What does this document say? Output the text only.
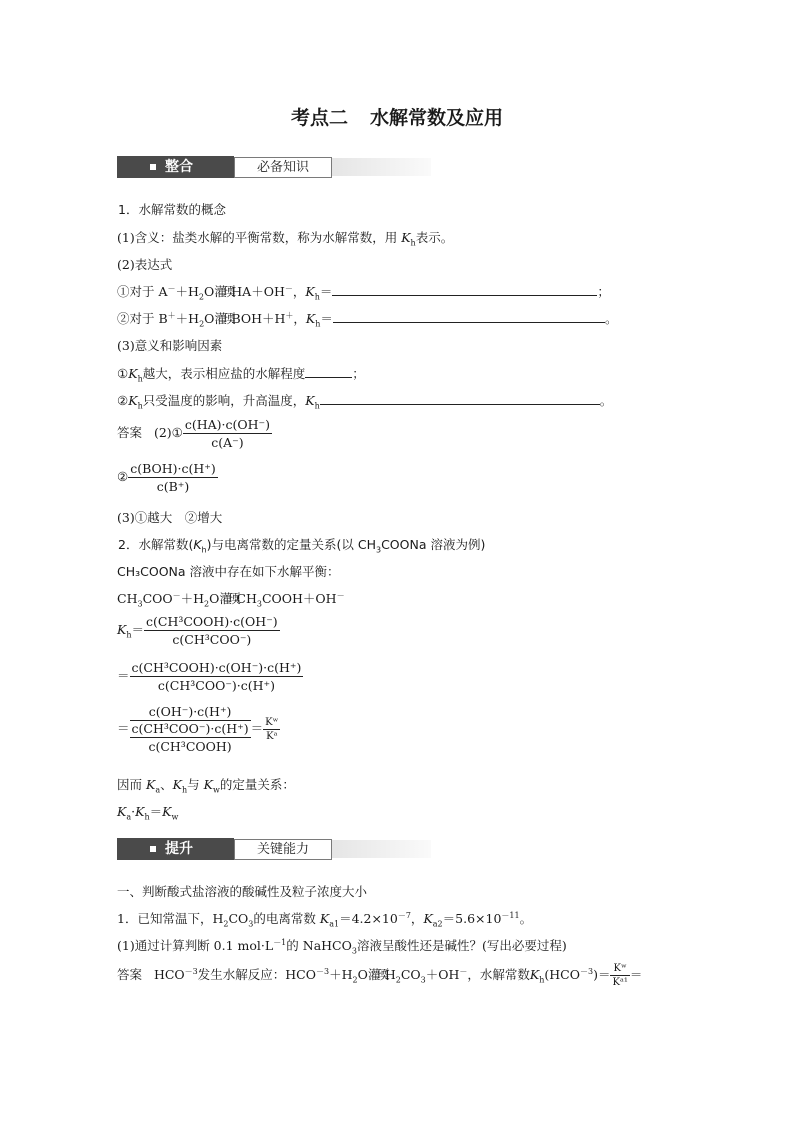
考点二 水解常数及应用
整合	必备知识
1．水解常数的概念
(1)含义：盐类水解的平衡常数，称为水解常数，用 $K_h$表示。
(2)表达式
①对于 $A^-+H_2O$灌瑌HA＋OH－，$K_h=$	；
②对于 $B^++H_2O$灌瑌BOH＋H＋，$K_h=$	。
(3)意义和影响因素
$①K_h$越大，表示相应盐的水解程度	；
$②K_h$只受温度的影响，升高温度，$K_h$	。
答案 (2)① $\frac{c(HA)\cdot c(OH^-)}{c(A^-)}$
② $\frac{\text{c(BOH)·c(H⁺)}}{c(B^+)}$
(3)①越大　②增大
2．水解常数$(K_h)$与电离常数的定量关系(以 $CH_3COONa$ 溶液为例)
CH₃COONa 溶液中存在如下水解平衡：
$CH_3COO^-+H_2O$灌瑌$CH_3COOH+OH^-$
$K_h= \frac{\text{c(CH³COOH)·c(OH⁻)}}{\text{c(CH³COO⁻)}}$
＝ $\frac{\text{c(CH³COOH)·c(OH⁻)·c(H⁺)}}{\text{c(CH³COO⁻)·c(H⁺)}}$
＝ c(OH⁻)·c(H⁺)
c(CH³COO⁻)·c(H⁺)
c(CH³COOH) ＝ $\frac{\text{Kʷ}}{\text{Kᵃ}}$
因而 $K_a$、$K_h$与 $K_w$的定量关系：
$K_a\cdot K_h=K_w$
提升	关键能力
一、判断酸式盐溶液的酸碱性及粒子浓度大小
1．已知常温下，$H_2CO_3$的电离常数 $K_{a1}=4.2\times 10^{-7}$，$K_{a2}=5.6\times 10^{-11}$。
(1)通过计算判断 0.1 $mol\cdot L^{-1}$的 NaHCO$_3$溶液呈酸性还是碱性？(写出必要过程)
答案 $HCO^{-3}$发生水解反应：$HCO^{-3}+H_2O$灌瑌$H_2CO_3+OH^-$，水解常数$K_h(HCO^{-3})= \frac{\text{Kʷ}}{\text{Kᵃ¹}}$ ＝
